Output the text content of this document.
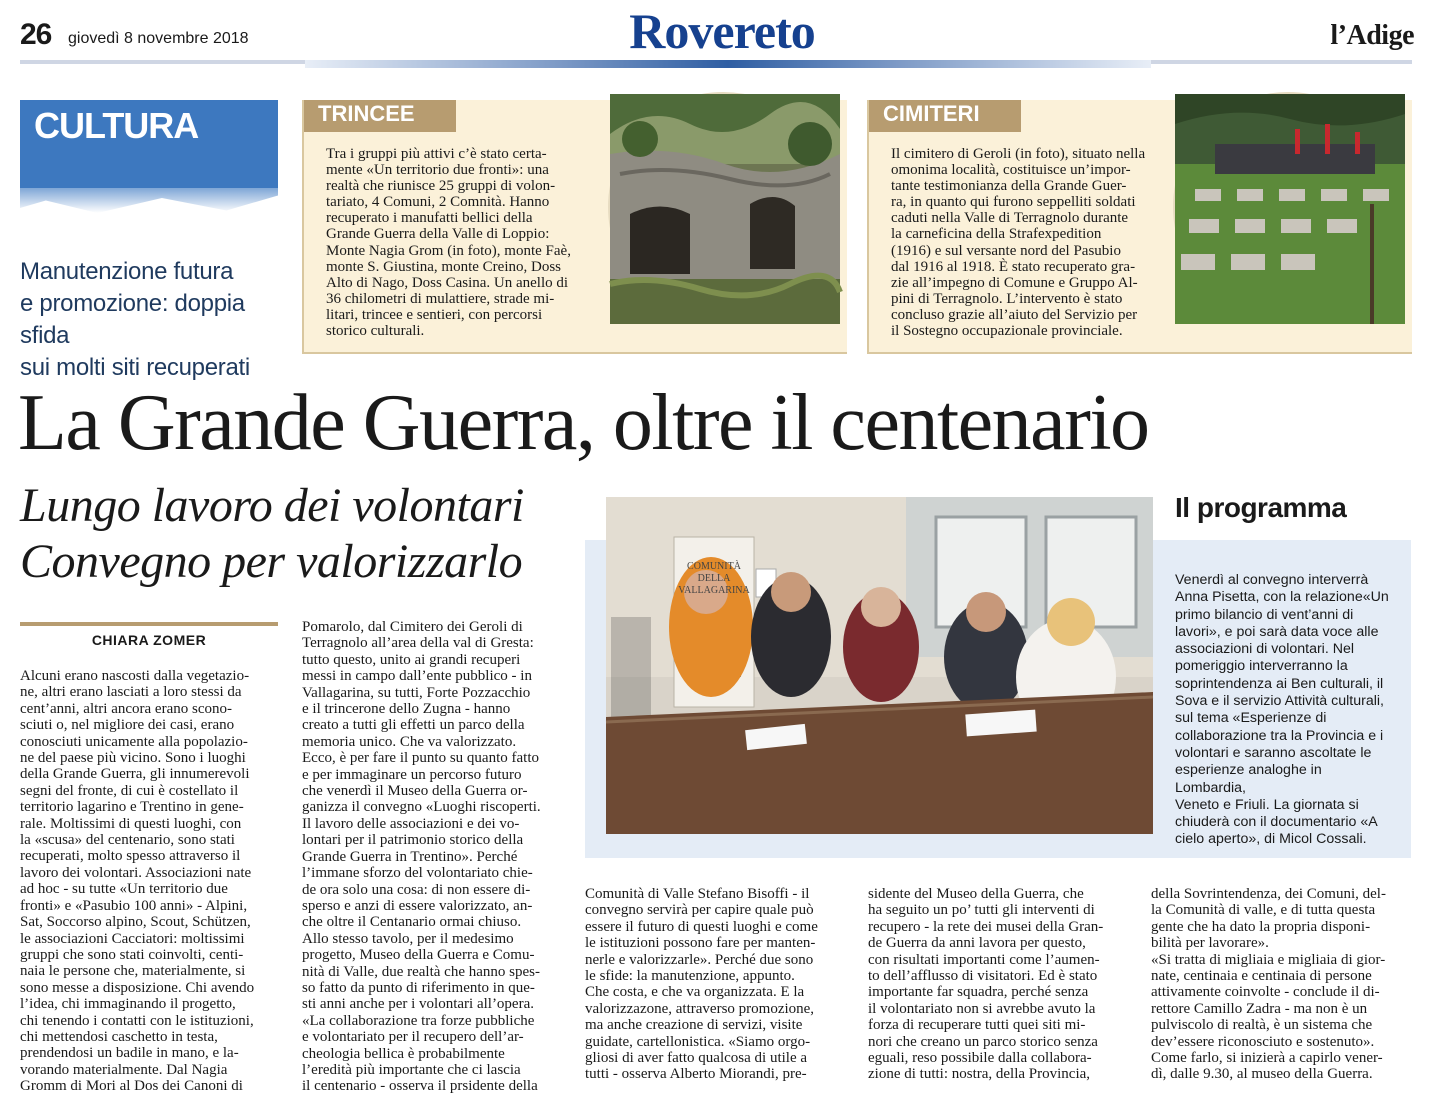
26 giovedì 8 novembre 2018	Rovereto	l’Adige
CULTURA
Manutenzione futura
e promozione: doppia sfida
sui molti siti recuperati
TRINCEE
Tra i gruppi più attivi c’è stato certa-
mente «Un territorio due fronti»: una
realtà che riunisce 25 gruppi di volon-
tariato, 4 Comuni, 2 Comnità. Hanno
recuperato i manufatti bellici della
Grande Guerra della Valle di Loppio:
Monte Nagia Grom (in foto), monte Faè,
monte S. Giustina, monte Creino, Doss
Alto di Nago, Doss Casina. Un anello di
36 chilometri di mulattiere, strade mi-
litari, trincee e sentieri, con percorsi
storico culturali.
CIMITERI
Il cimitero di Geroli (in foto), situato nella
omonima località, costituisce un’impor-
tante testimonianza della Grande Guer-
ra, in quanto qui furono seppelliti soldati
caduti nella Valle di Terragnolo durante
la carneficina della Strafexpedition
(1916) e sul versante nord del Pasubio
dal 1916 al 1918. È stato recuperato gra-
zie all’impegno di Comune e Gruppo Al-
pini di Terragnolo. L’intervento è stato
concluso grazie all’aiuto del Servizio per
il Sostegno occupazionale provinciale.
La Grande Guerra, oltre il centenario
Lungo lavoro dei volontari
Convegno per valorizzarlo
CHIARA ZOMER
Alcuni erano nascosti dalla vegetazio-
ne, altri erano lasciati a loro stessi da
cent’anni, altri ancora erano scono-
sciuti o, nel migliore dei casi, erano
conosciuti unicamente alla popolazio-
ne del paese più vicino. Sono i luoghi
della Grande Guerra, gli innumerevoli
segni del fronte, di cui è costellato il
territorio lagarino e Trentino in gene-
rale. Moltissimi di questi luoghi, con
la «scusa» del centenario, sono stati
recuperati, molto spesso attraverso il
lavoro dei volontari. Associazioni nate
ad hoc - su tutte «Un territorio due
fronti» e «Pasubio 100 anni» - Alpini,
Sat, Soccorso alpino, Scout, Schützen,
le associazioni Cacciatori: moltissimi
gruppi che sono stati coinvolti, centi-
naia le persone che, materialmente, si
sono messe a disposizione. Chi avendo
l’idea, chi immaginando il progetto,
chi tenendo i contatti con le istituzioni,
chi mettendosi caschetto in testa,
prendendosi un badile in mano, e la-
vorando materialmente. Dal Nagia
Gromm di Mori al Dos dei Canoni di
Pomarolo, dal Cimitero dei Geroli di
Terragnolo all’area della val di Gresta:
tutto questo, unito ai grandi recuperi
messi in campo dall’ente pubblico - in
Vallagarina, su tutti, Forte Pozzacchio
e il trincerone dello Zugna - hanno
creato a tutti gli effetti un parco della
memoria unico. Che va valorizzato.
Ecco, è per fare il punto su quanto fatto
e per immaginare un percorso futuro
che venerdì il Museo della Guerra or-
ganizza il convegno «Luoghi riscoperti.
Il lavoro delle associazioni e dei vo-
lontari per il patrimonio storico della
Grande Guerra in Trentino». Perché
l’immane sforzo del volontariato chie-
de ora solo una cosa: di non essere di-
sperso e anzi di essere valorizzato, an-
che oltre il Centanario ormai chiuso.
Allo stesso tavolo, per il medesimo
progetto, Museo della Guerra e Comu-
nità di Valle, due realtà che hanno spes-
so fatto da punto di riferimento in que-
sti anni anche per i volontari all’opera.
«La collaborazione tra forze pubbliche
e volontariato per il recupero dell’ar-
cheologia bellica è probabilmente
l’eredità più importante che ci lascia
il centenario - osserva il prsidente della
COMUNITÀ
DELLA
VALLAGARINA
Il programma
Venerdì al convegno interverrà
Anna Pisetta, con la relazione«Un
primo bilancio di vent’anni di
lavori», e poi sarà data voce alle
associazioni di volontari. Nel
pomeriggio interverranno la
soprintendenza ai Ben culturali, il
Sova e il servizio Attività culturali,
sul tema «Esperienze di
collaborazione tra la Provincia e i
volontari e saranno ascoltate le
esperienze analoghe in Lombardia,
Veneto e Friuli. La giornata si
chiuderà con il documentario «A
cielo aperto», di Micol Cossali.
Comunità di Valle Stefano Bisoffi - il
convegno servirà per capire quale può
essere il futuro di questi luoghi e come
le istituzioni possono fare per manten-
nerle e valorizzarle». Perché due sono
le sfide: la manutenzione, appunto.
Che costa, e che va organizzata. E la
valorizzazone, attraverso promozione,
ma anche creazione di servizi, visite
guidate, cartellonistica. «Siamo orgo-
gliosi di aver fatto qualcosa di utile a
tutti - osserva Alberto Miorandi, pre-
sidente del Museo della Guerra, che
ha seguito un po’ tutti gli interventi di
recupero - la rete dei musei della Gran-
de Guerra da anni lavora per questo,
con risultati importanti come l’aumen-
to dell’afflusso di visitatori. Ed è stato
importante far squadra, perché senza
il volontariato non si avrebbe avuto la
forza di recuperare tutti quei siti mi-
nori che creano un parco storico senza
eguali, reso possibile dalla collabora-
zione di tutti: nostra, della Provincia,
della Sovrintendenza, dei Comuni, del-
la Comunità di valle, e di tutta questa
gente che ha dato la propria disponi-
bilità per lavorare».
«Si tratta di migliaia e migliaia di gior-
nate, centinaia e centinaia di persone
attivamente coinvolte - conclude il di-
rettore Camillo Zadra - ma non è un
pulviscolo di realtà, è un sistema che
dev’essere riconosciuto e sostenuto».
Come farlo, si inizierà a capirlo vener-
dì, dalle 9.30, al museo della Guerra.
